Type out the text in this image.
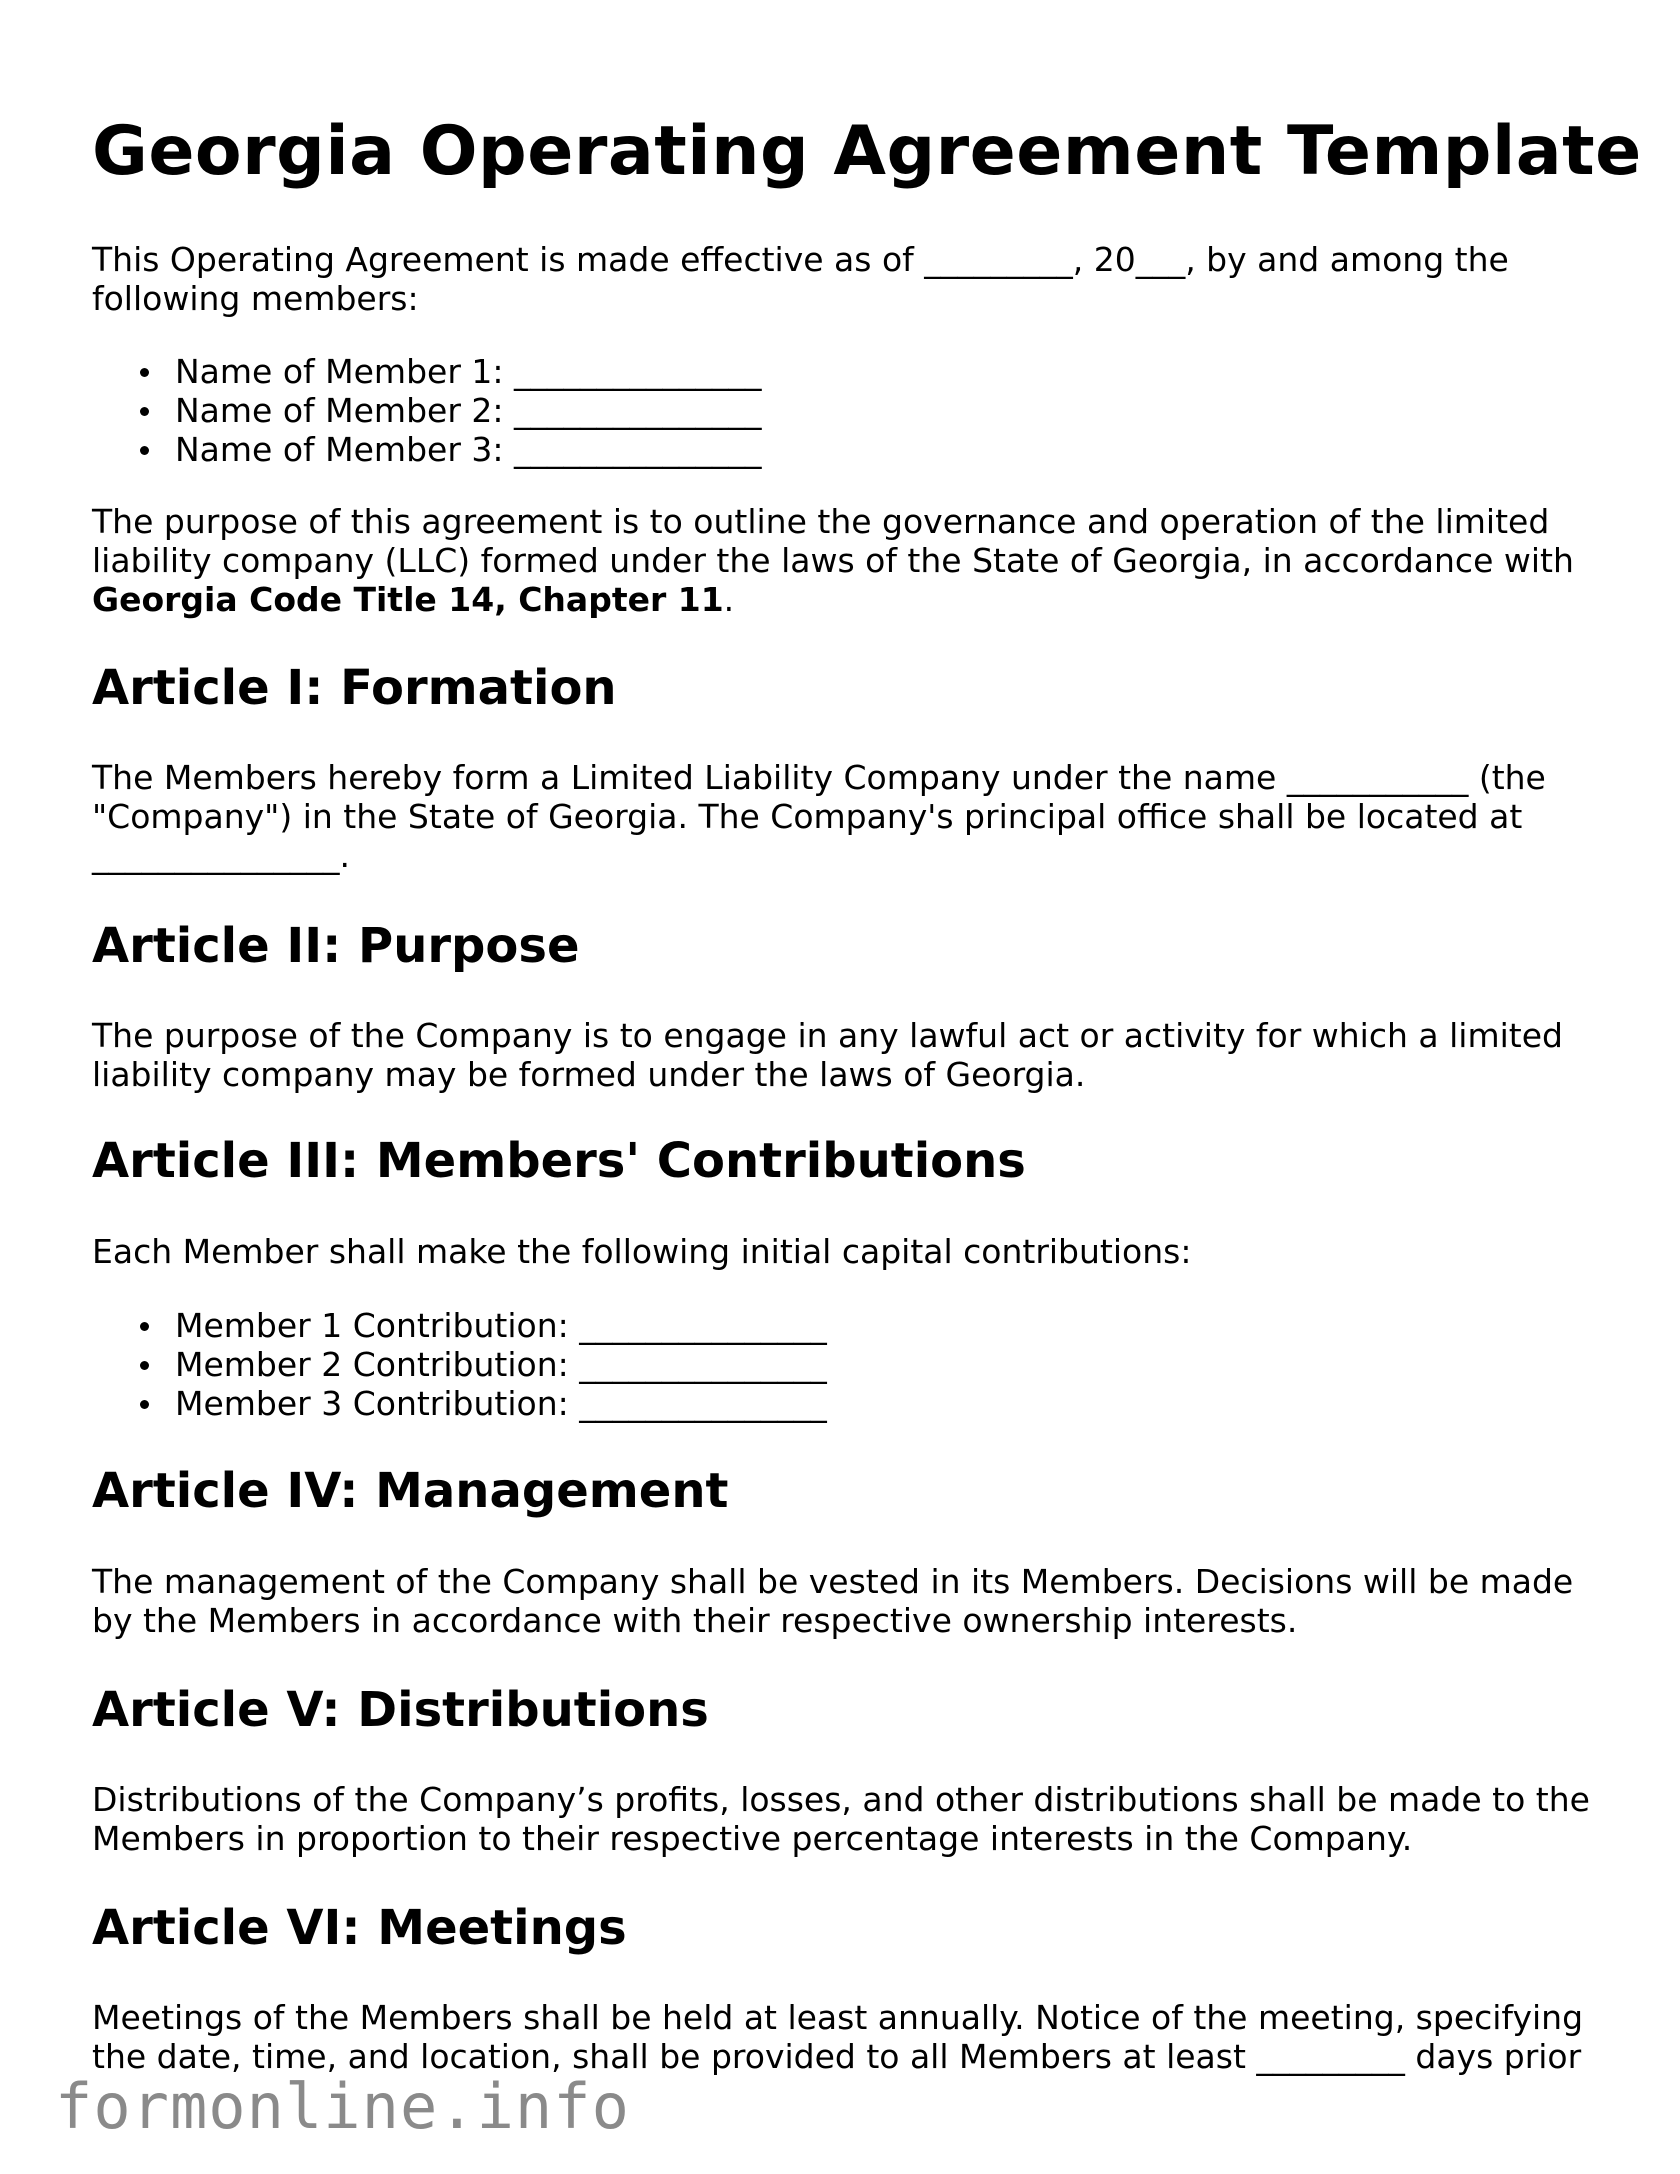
Georgia Operating Agreement Template

This Operating Agreement is made effective as of _________, 20___, by and among the following members:

Name of Member 1: _______________
Name of Member 2: _______________
Name of Member 3: _______________

The purpose of this agreement is to outline the governance and operation of the limited liability company (LLC) formed under the laws of the State of Georgia, in accordance with Georgia Code Title 14, Chapter 11.

Article I: Formation

The Members hereby form a Limited Liability Company under the name ___________ (the "Company") in the State of Georgia. The Company's principal office shall be located at _______________.

Article II: Purpose

The purpose of the Company is to engage in any lawful act or activity for which a limited liability company may be formed under the laws of Georgia.

Article III: Members' Contributions

Each Member shall make the following initial capital contributions:

Member 1 Contribution: _______________
Member 2 Contribution: _______________
Member 3 Contribution: _______________
Article IV: Management

The management of the Company shall be vested in its Members. Decisions will be made by the Members in accordance with their respective ownership interests.

Article V: Distributions

Distributions of the Company’s profits, losses, and other distributions shall be made to the Members in proportion to their respective percentage interests in the Company.

Article VI: Meetings

Meetings of the Members shall be held at least annually. Notice of the meeting, specifying the date, time, and location, shall be provided to all Members at least _________ days prior

formonline.info
